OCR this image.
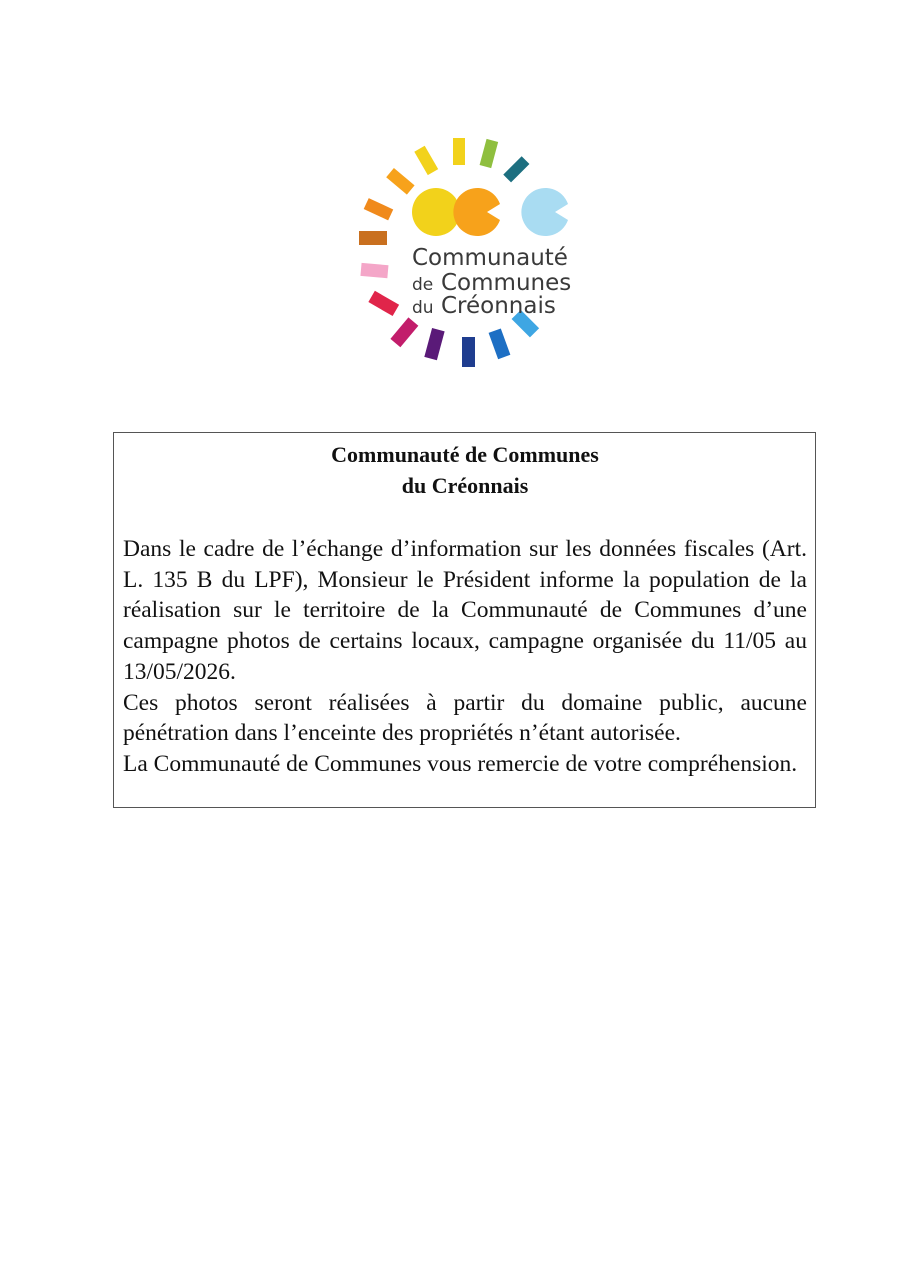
Communauté
de Communes
du Créonnais

Communauté de Communes

du Créonnais

Dans le cadre de l’échange d’information sur les données fiscales (Art. L. 135 B du LPF), Monsieur le Président informe la population de la réalisation sur le territoire de la Communauté de Communes d’une campagne photos de certains locaux, campagne organisée du 11/05 au 13/05/2026.

Ces photos seront réalisées à partir du domaine public, aucune pénétration dans l’enceinte des propriétés n’étant autorisée.

La Communauté de Communes vous remercie de votre compréhension.
